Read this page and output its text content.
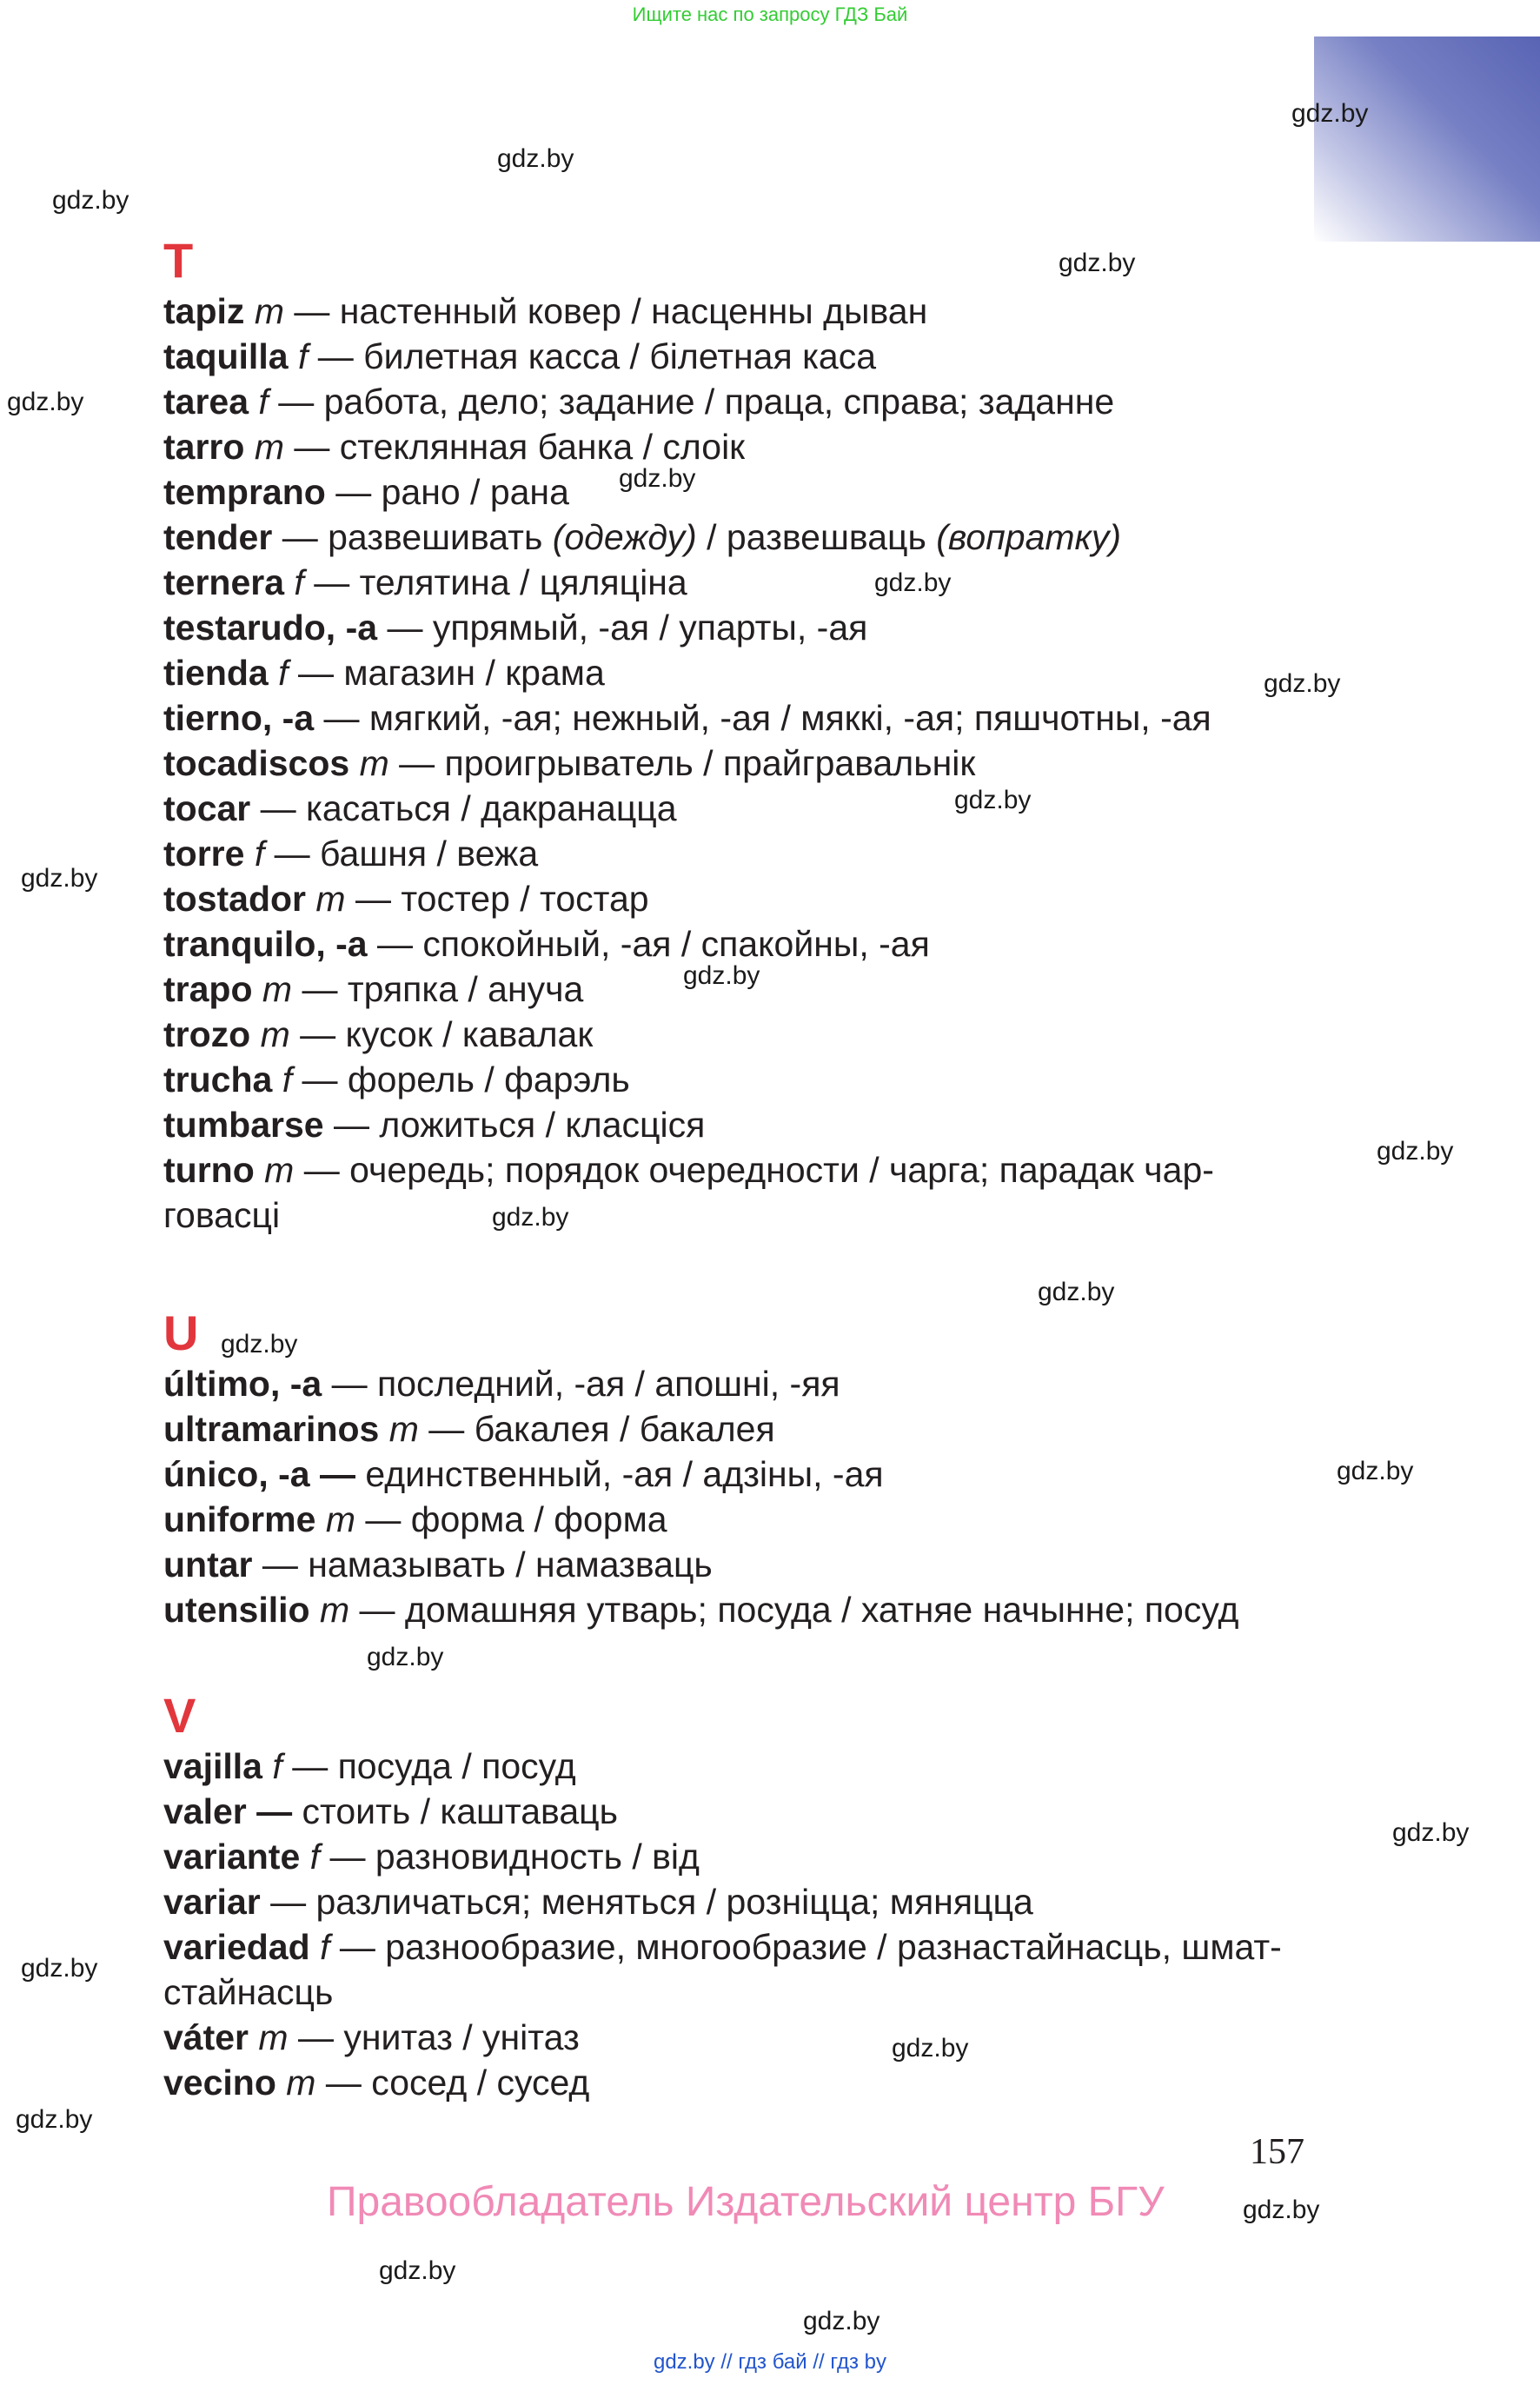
Ищите нас по запросу ГДЗ Бай
gdz.by
gdz.by
gdz.by
gdz.by
gdz.by
gdz.by
gdz.by
gdz.by
gdz.by
gdz.by
gdz.by
gdz.by
gdz.by
gdz.by
gdz.by
gdz.by
gdz.by
gdz.by
gdz.by
gdz.by
gdz.by
gdz.by
gdz.by
gdz.by
T
tapiz m — настенный ковер / насценны дыван
taquilla f — билетная касса / білетная каса
tarea f — работа, дело; задание / праца, справа; заданне
tarro m — стеклянная банка / слоік
temprano — рано / рана
tender — развешивать (одежду) / развешваць (вопратку)
ternera f — телятина / цяляціна
testarudo, -a — упрямый, -ая / упарты, -ая
tienda f — магазин / крама
tierno, -a — мягкий, -ая; нежный, -ая / мяккі, -ая; пяшчотны, -ая
tocadiscos m — проигрыватель / прайгравальнік
tocar — касаться / дакранацца
torre f — башня / вежа
tostador m — тостер / тостар
tranquilo, -a — спокойный, -ая / спакойны, -ая
trapo m — тряпка / ануча
trozo m — кусок / кавалак
trucha f — форель / фарэль
tumbarse — ложиться / класціся
turno m — очередь; порядок очередности / чарга; парадак чар-
говасці
U
último, -a — последний, -ая / апошні, -яя
ultramarinos m — бакалея / бакалея
único, -a — единственный, -ая / адзіны, -ая
uniforme m — форма / форма
untar — намазывать / намазваць
utensilio m — домашняя утварь; посуда / хатняе начынне; посуд
V
vajilla f — посуда / посуд
valer — стоить / каштаваць
variante f — разновидность / від
variar — различаться; меняться / розніцца; мяняцца
variedad f — разнообразие, многообразие / разнастайнасць, шмат-
стайнасць
váter m — унитаз / унітаз
vecino m — сосед / сусед
157
Правообладатель Издательский центр БГУ
gdz.by // гдз бай // гдз by
